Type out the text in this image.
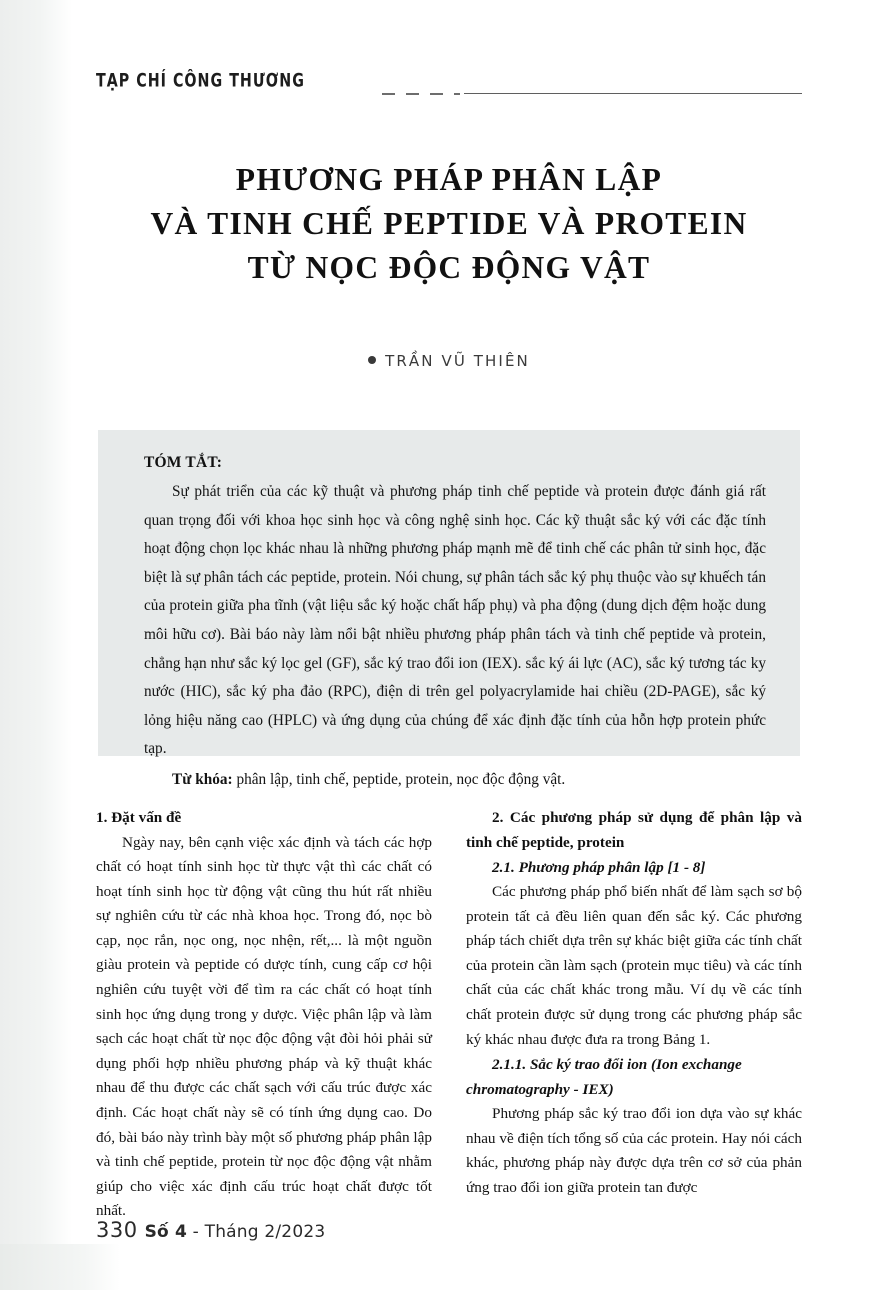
TẠP CHÍ CÔNG THƯƠNG
PHƯƠNG PHÁP PHÂN LẬP
VÀ TINH CHẾ PEPTIDE VÀ PROTEIN
TỪ NỌC ĐỘC ĐỘNG VẬT
TRẦN VŨ THIÊN

TÓM TẮT:

Sự phát triển của các kỹ thuật và phương pháp tinh chế peptide và protein được đánh giá rất quan trọng đối với khoa học sinh học và công nghệ sinh học. Các kỹ thuật sắc ký với các đặc tính hoạt động chọn lọc khác nhau là những phương pháp mạnh mẽ để tinh chế các phân tử sinh học, đặc biệt là sự phân tách các peptide, protein. Nói chung, sự phân tách sắc ký phụ thuộc vào sự khuếch tán của protein giữa pha tĩnh (vật liệu sắc ký hoặc chất hấp phụ) và pha động (dung dịch đệm hoặc dung môi hữu cơ). Bài báo này làm nổi bật nhiều phương pháp phân tách và tinh chế peptide và protein, chẳng hạn như sắc ký lọc gel (GF), sắc ký trao đổi ion (IEX). sắc ký ái lực (AC), sắc ký tương tác ky nước (HIC), sắc ký pha đảo (RPC), điện di trên gel polyacrylamide hai chiều (2D-PAGE), sắc ký lỏng hiệu năng cao (HPLC) và ứng dụng của chúng để xác định đặc tính của hỗn hợp protein phức tạp.

Từ khóa: phân lập, tinh chế, peptide, protein, nọc độc động vật.

1. Đặt vấn đề

Ngày nay, bên cạnh việc xác định và tách các hợp chất có hoạt tính sinh học từ thực vật thì các chất có hoạt tính sinh học từ động vật cũng thu hút rất nhiều sự nghiên cứu từ các nhà khoa học. Trong đó, nọc bò cạp, nọc rắn, nọc ong, nọc nhện, rết,... là một nguồn giàu protein và peptide có dược tính, cung cấp cơ hội nghiên cứu tuyệt vời để tìm ra các chất có hoạt tính sinh học ứng dụng trong y dược. Việc phân lập và làm sạch các hoạt chất từ nọc độc động vật đòi hỏi phải sử dụng phối hợp nhiều phương pháp và kỹ thuật khác nhau để thu được các chất sạch với cấu trúc được xác định. Các hoạt chất này sẽ có tính ứng dụng cao. Do đó, bài báo này trình bày một số phương pháp phân lập và tinh chế peptide, protein từ nọc độc động vật nhằm giúp cho việc xác định cấu trúc hoạt chất được tốt nhất.

2. Các phương pháp sử dụng để phân lập và tinh chế peptide, protein

2.1. Phương pháp phân lập [1 - 8]

Các phương pháp phổ biến nhất để làm sạch sơ bộ protein tất cả đều liên quan đến sắc ký. Các phương pháp tách chiết dựa trên sự khác biệt giữa các tính chất của protein cần làm sạch (protein mục tiêu) và các tính chất của các chất khác trong mẫu. Ví dụ về các tính chất protein được sử dụng trong các phương pháp sắc ký khác nhau được đưa ra trong Bảng 1.

2.1.1. Sắc ký trao đổi ion (Ion exchange

chromatography - IEX)

Phương pháp sắc ký trao đổi ion dựa vào sự khác nhau về điện tích tổng số của các protein. Hay nói cách khác, phương pháp này được dựa trên cơ sở của phản ứng trao đổi ion giữa protein tan được

330 Số 4 - Tháng 2/2023
